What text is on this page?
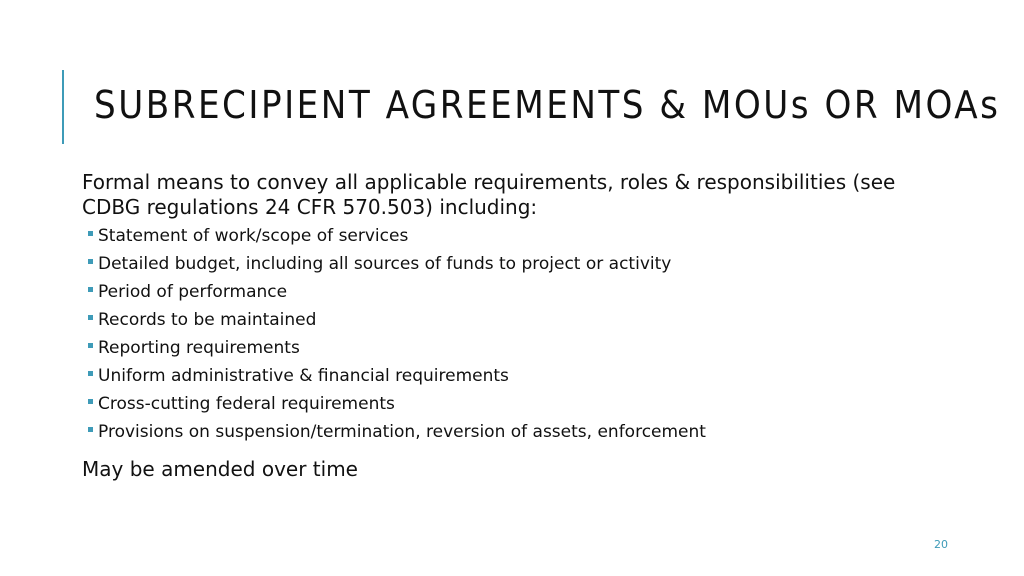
SUBRECIPIENT AGREEMENTS & MOUs OR MOAs

Formal means to convey all applicable requirements, roles & responsibilities (see CDBG regulations 24 CFR 570.503) including:

Statement of work/scope of services
Detailed budget, including all sources of funds to project or activity
Period of performance
Records to be maintained
Reporting requirements
Uniform administrative & financial requirements
Cross-cutting federal requirements
Provisions on suspension/termination, reversion of assets, enforcement

May be amended over time

20
